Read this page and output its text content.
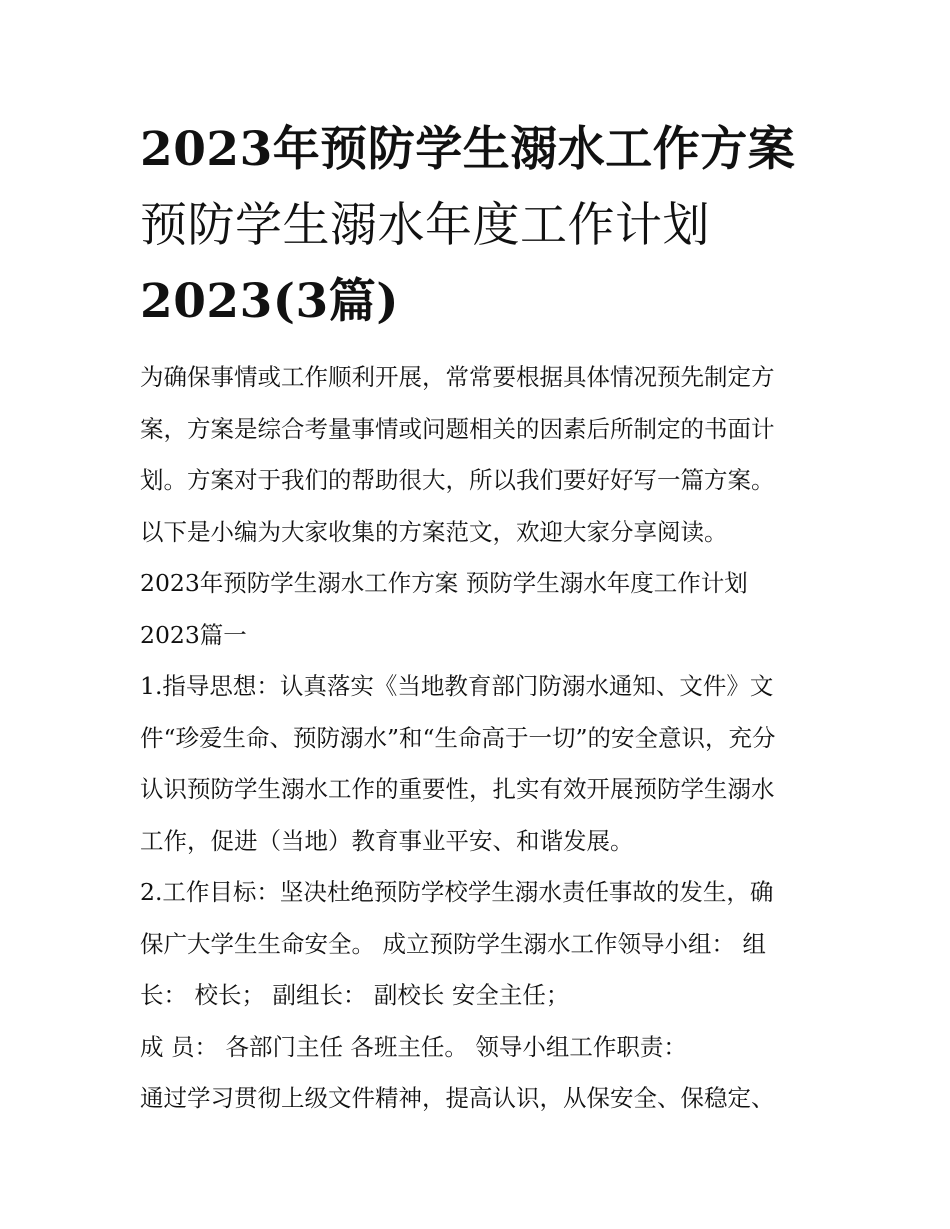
2023年预防学生溺水工作方案
预防学生溺水年度工作计划
2023(3篇)
为确保事情或工作顺利开展，常常要根据具体情况预先制定方
案，方案是综合考量事情或问题相关的因素后所制定的书面计
划。方案对于我们的帮助很大，所以我们要好好写一篇方案。
以下是小编为大家收集的方案范文，欢迎大家分享阅读。
2023年预防学生溺水工作方案 预防学生溺水年度工作计划
2023篇一
1.指导思想：认真落实《当地教育部门防溺水通知、文件》文
件“珍爱生命、预防溺水”和“生命高于一切”的安全意识，充分
认识预防学生溺水工作的重要性，扎实有效开展预防学生溺水
工作，促进（当地）教育事业平安、和谐发展。
2.工作目标：坚决杜绝预防学校学生溺水责任事故的发生，确
保广大学生生命安全。 成立预防学生溺水工作领导小组： 组
长： 校长； 副组长： 副校长 安全主任；
成 员： 各部门主任 各班主任。 领导小组工作职责：
通过学习贯彻上级文件精神，提高认识，从保安全、保稳定、
